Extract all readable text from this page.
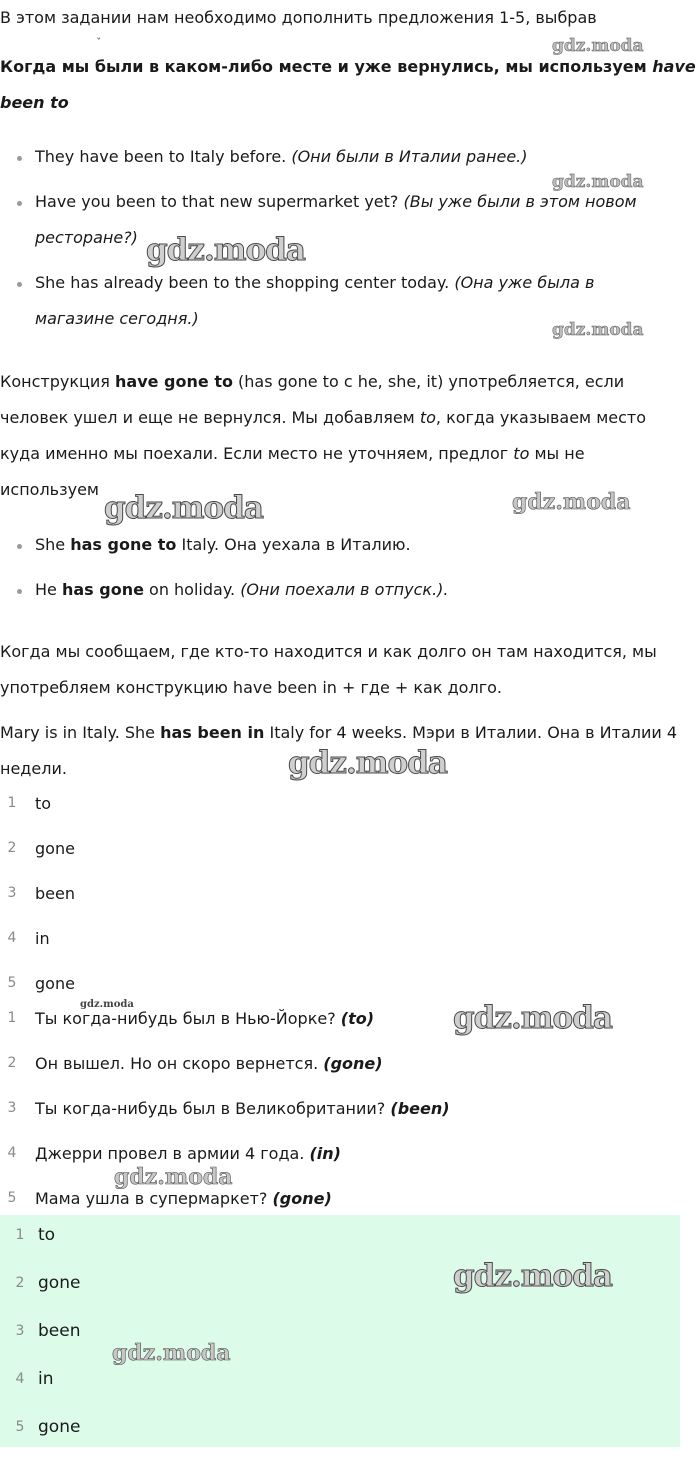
В этом задании нам необходимо дополнить предложения 1-5, выбрав
ˇ
Когда мы были в каком-либо месте и уже вернулись, мы используем have
been to
They have been to Italy before. (Они были в Италии ранее.)
Have you been to that new supermarket yet? (Вы уже были в этом новом
ресторане?)
She has already been to the shopping center today. (Она уже была в
магазине сегодня.)
Конструкция have gone to (has gone to с he, she, it) употребляется, если
человек ушел и еще не вернулся. Мы добавляем to, когда указываем место
куда именно мы поехали. Если место не уточняем, предлог to мы не
используем
She has gone to Italy. Она уехала в Италию.
He has gone on holiday. (Они поехали в отпуск.).
Когда мы сообщаем, где кто-то находится и как долго он там находится, мы
употребляем конструкцию have been in + где + как долго.
Mary is in Italy. She has been in Italy for 4 weeks. Мэри в Италии. Она в Италии 4
недели.
1	to
2	gone
3	been
4	in
5	gone
1	Ты когда-нибудь был в Нью-Йорке? (to)
2	Он вышел. Но он скоро вернется. (gone)
3	Ты когда-нибудь был в Великобритании? (been)
4	Джерри провел в армии 4 года. (in)
5	Мама ушла в супермаркет? (gone)
1 to
2 gone
3 been
4 in
5 gone
gdz.moda
gdz.moda
gdz.moda
gdz.moda
gdz.moda	gdz.moda
gdz.moda
gdz.moda	gdz.moda
gdz.moda
gdz.moda
gdz.moda
